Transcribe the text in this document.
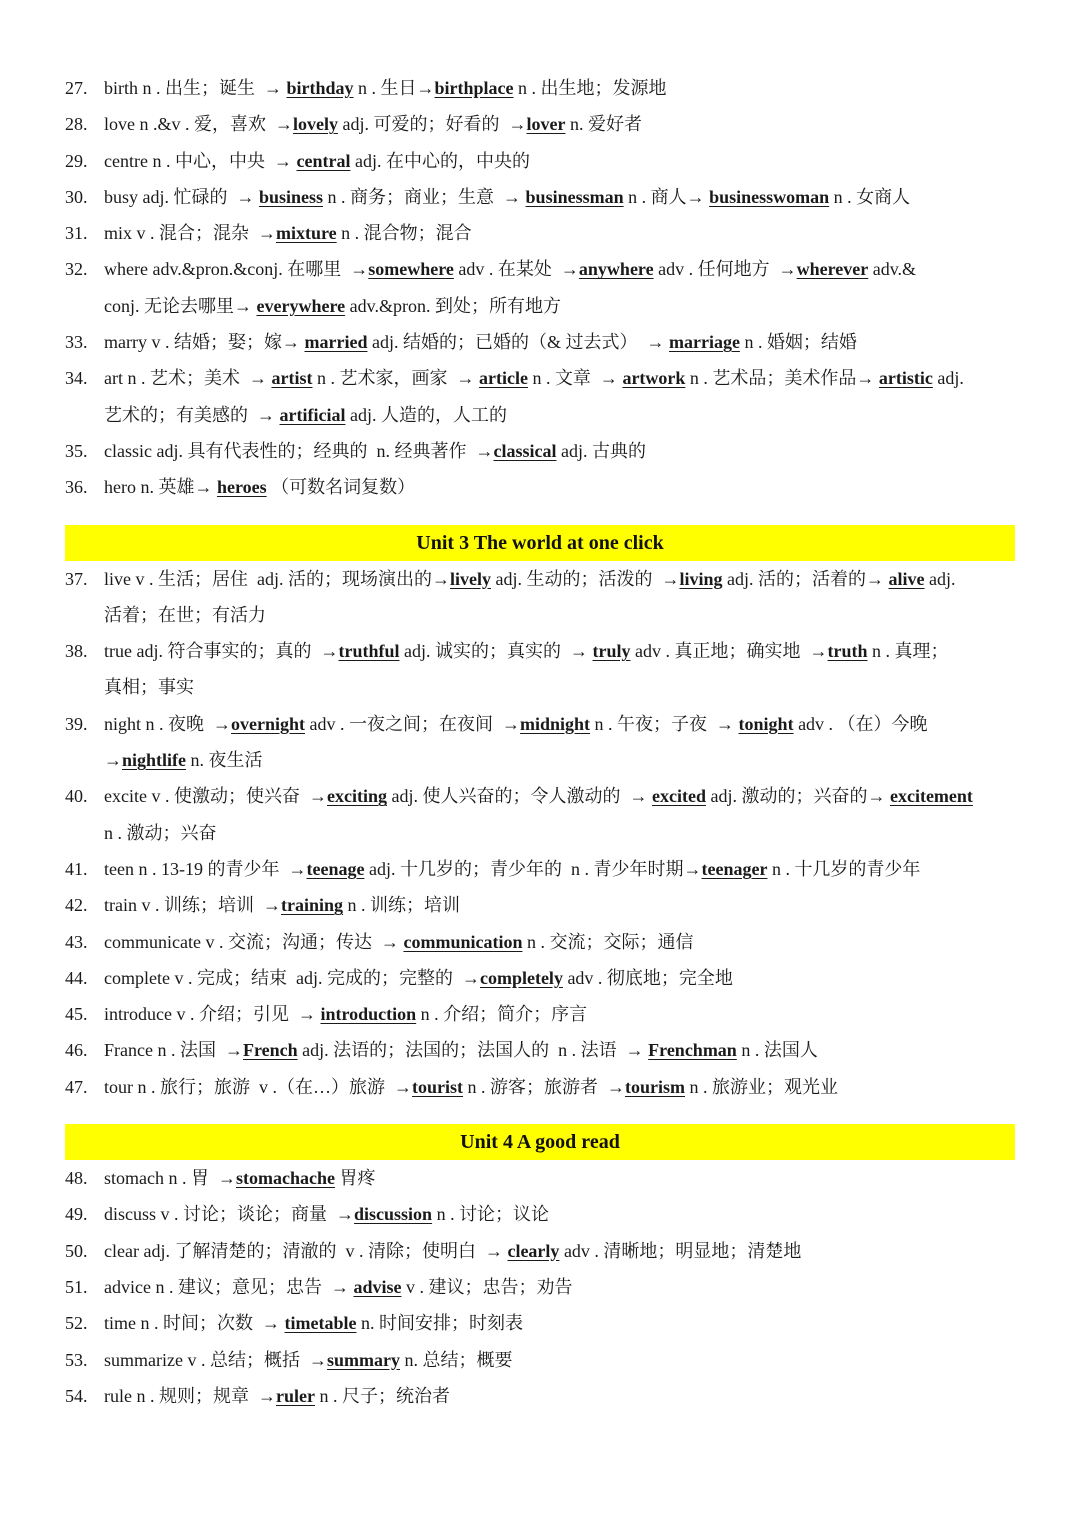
27. birth n . 出生；诞生  → birthday n . 生日→birthplace n . 出生地；发源地
28. love n .&v . 爱，喜欢  →lovely adj. 可爱的；好看的  →lover n. 爱好者
29. centre n . 中心，中央  → central adj. 在中心的，中央的
30. busy adj. 忙碌的  → business n . 商务；商业；生意  → businessman n . 商人→ businesswoman n . 女商人
31. mix v . 混合；混杂  →mixture n . 混合物；混合
32. where adv.&pron.&conj. 在哪里  →somewhere adv . 在某处  →anywhere adv . 任何地方  →wherever adv.&
conj. 无论去哪里→ everywhere adv.&pron. 到处；所有地方
33. marry v . 结婚；娶；嫁→ married adj. 结婚的；已婚的（& 过去式）  → marriage n . 婚姻；结婚
34. art n . 艺术；美术  → artist n . 艺术家，画家  → article n . 文章  → artwork n . 艺术品；美术作品→ artistic adj.
艺术的；有美感的  → artificial adj. 人造的，人工的
35. classic adj. 具有代表性的；经典的  n. 经典著作  →classical adj. 古典的
36. hero n. 英雄→ heroes （可数名词复数）
Unit 3 The world at one click
37. live v . 生活；居住  adj. 活的；现场演出的→lively adj. 生动的；活泼的  →living adj. 活的；活着的→ alive adj.
活着；在世；有活力
38. true adj. 符合事实的；真的  →truthful adj. 诚实的；真实的  → truly adv . 真正地；确实地  →truth n . 真理；
真相；事实
39. night n . 夜晚  →overnight adv . 一夜之间；在夜间  →midnight n . 午夜；子夜  → tonight adv . （在）今晚
→nightlife n. 夜生活
40. excite v . 使激动；使兴奋  →exciting adj. 使人兴奋的；令人激动的  → excited adj. 激动的；兴奋的→ excitement
n . 激动；兴奋
41. teen n . 13-19 的青少年  →teenage adj. 十几岁的；青少年的  n . 青少年时期→teenager n . 十几岁的青少年
42. train v . 训练；培训  →training n . 训练；培训
43. communicate v . 交流；沟通；传达  → communication n . 交流；交际；通信
44. complete v . 完成；结束  adj. 完成的；完整的  →completely adv . 彻底地；完全地
45. introduce v . 介绍；引见  → introduction n . 介绍；简介；序言
46. France n . 法国  →French adj. 法语的；法国的；法国人的  n . 法语  → Frenchman n . 法国人
47. tour n . 旅行；旅游  v .（在…）旅游  →tourist n . 游客；旅游者  →tourism n . 旅游业；观光业
Unit 4 A good read
48. stomach n . 胃  →stomachache 胃疼
49. discuss v . 讨论；谈论；商量  →discussion n . 讨论；议论
50. clear adj. 了解清楚的；清澈的  v . 清除；使明白  → clearly adv . 清晰地；明显地；清楚地
51. advice n . 建议；意见；忠告  → advise v . 建议；忠告；劝告
52. time n . 时间；次数  → timetable n. 时间安排；时刻表
53. summarize v . 总结；概括  →summary n. 总结；概要
54. rule n . 规则；规章  →ruler n . 尺子；统治者
